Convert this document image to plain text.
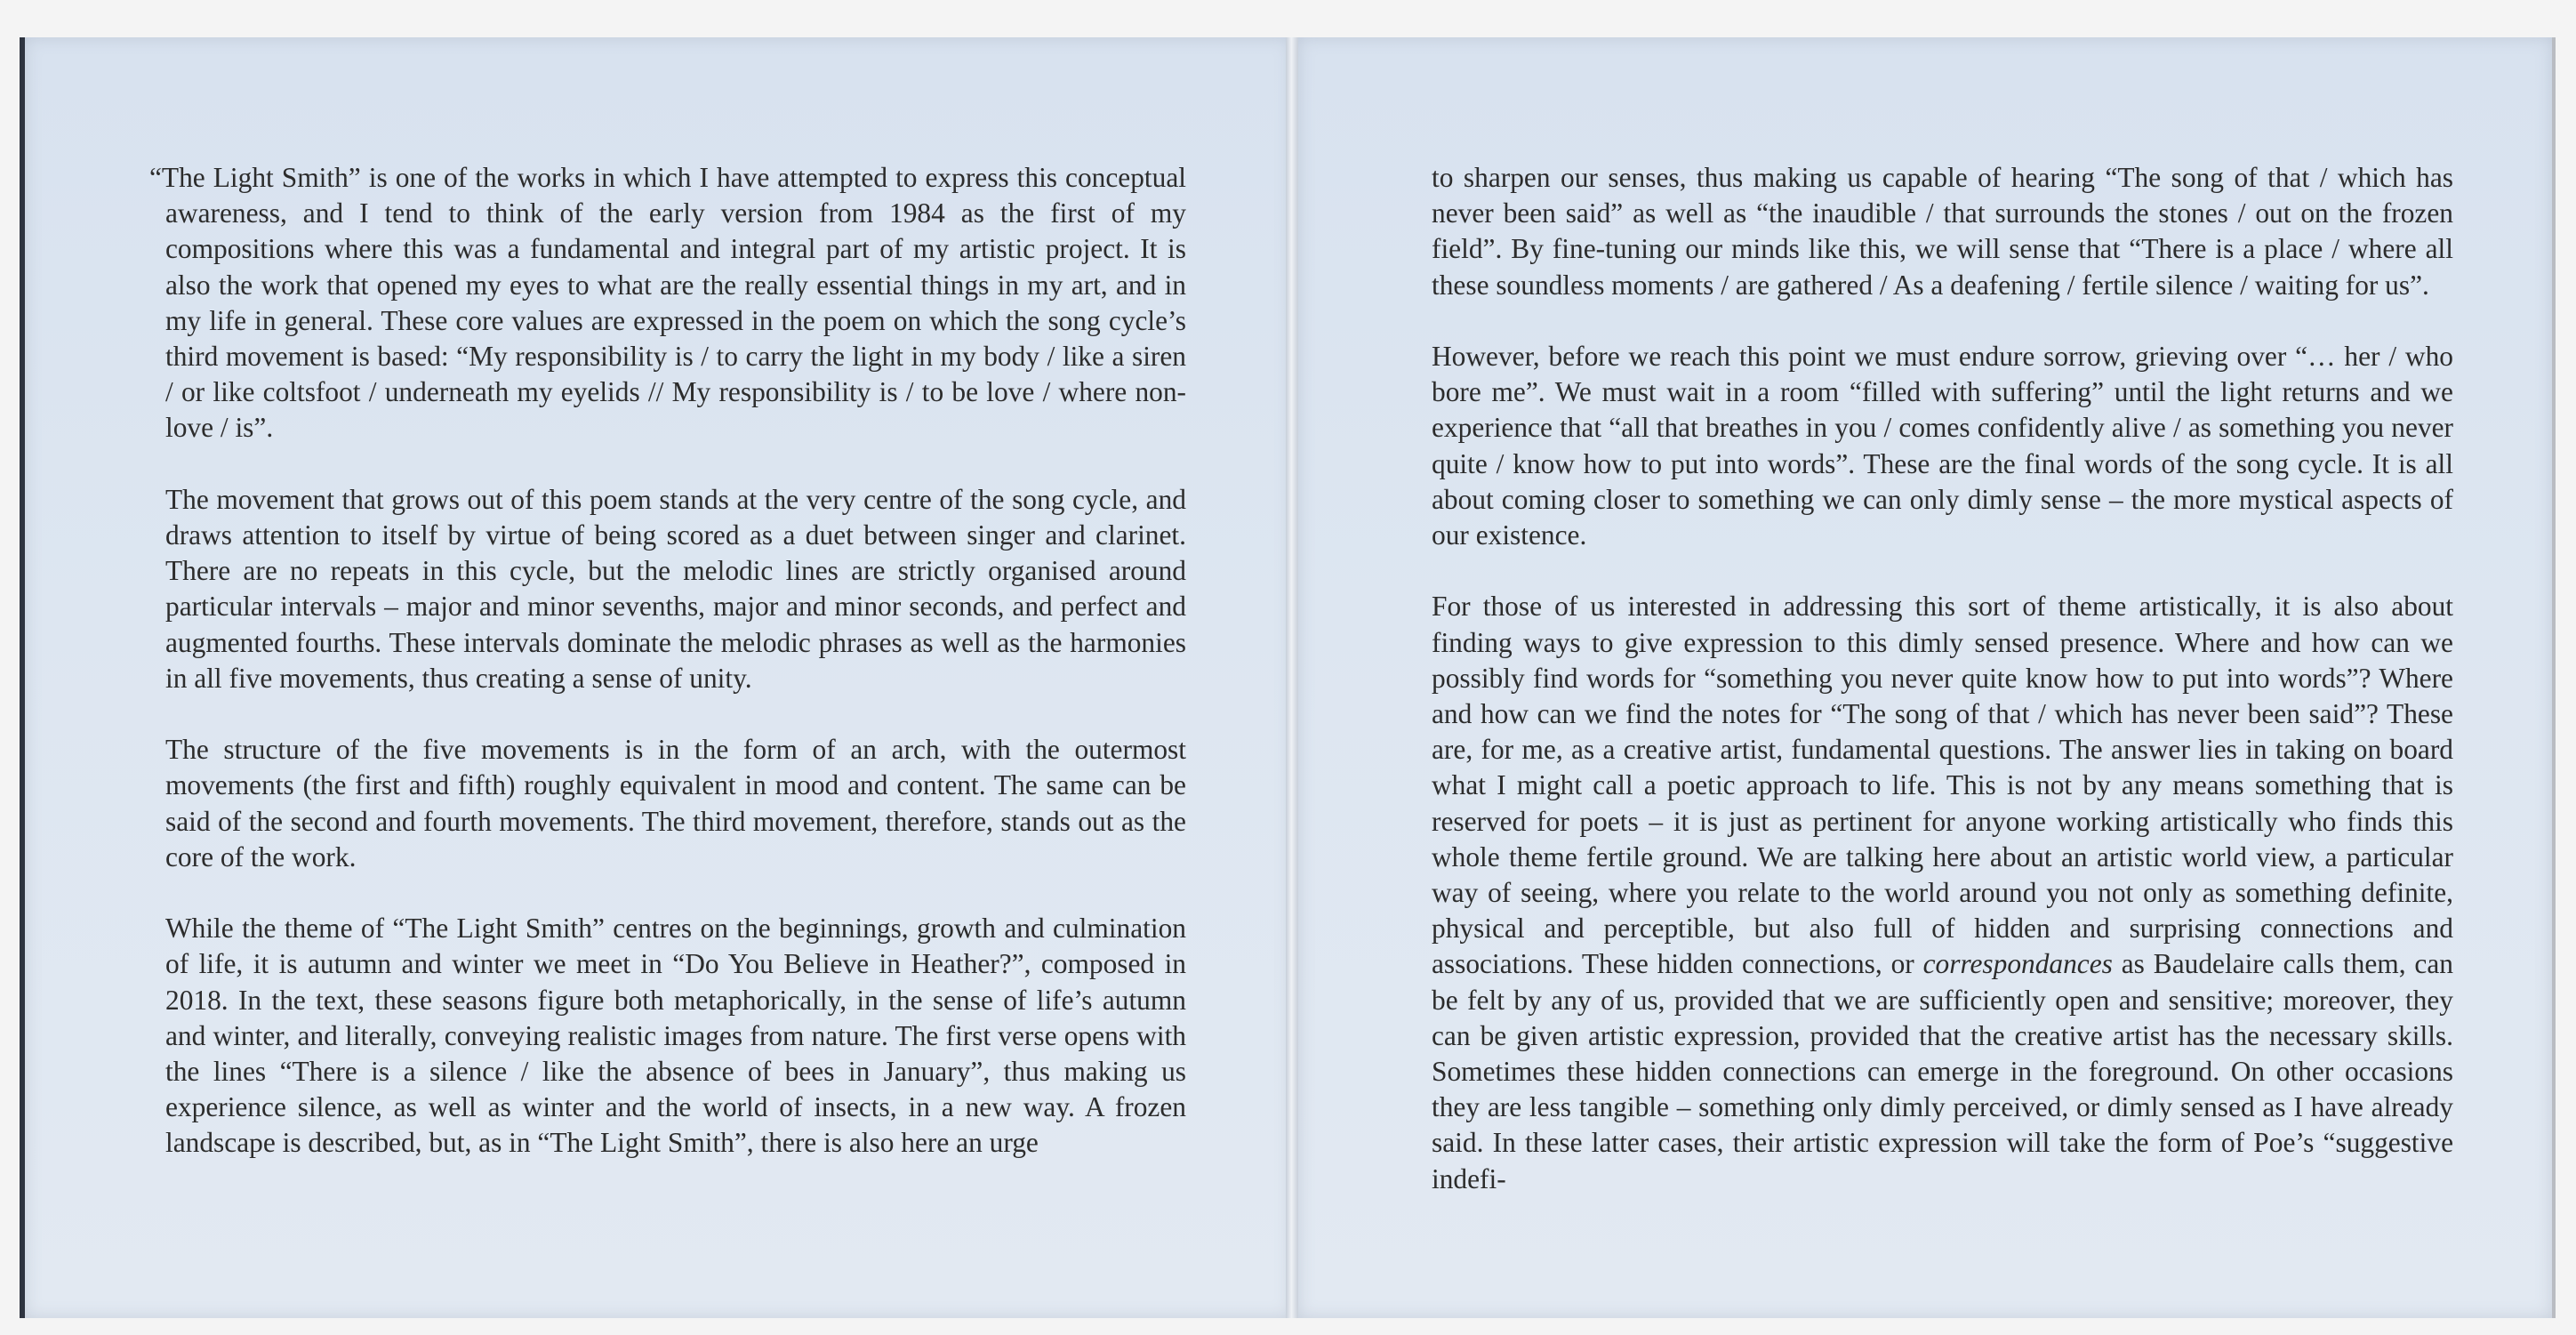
“The Light Smith” is one of the works in which I have attempted to express this conceptual awareness, and I tend to think of the early version from 1984 as the first of my compositions where this was a fundamental and integral part of my artistic project. It is also the work that opened my eyes to what are the really essential things in my art, and in my life in general. These core values are expressed in the poem on which the song cycle’s third movement is based: “My responsibility is / to carry the light in my body / like a siren / or like coltsfoot / underneath my eyelids // My responsibility is / to be love / where non-love / is”.

The movement that grows out of this poem stands at the very centre of the song cycle, and draws attention to itself by virtue of being scored as a duet between singer and clarinet. There are no repeats in this cycle, but the melodic lines are strictly organised around particular intervals – major and minor sevenths, major and minor seconds, and perfect and augmented fourths. These intervals dominate the melodic phrases as well as the harmonies in all five movements, thus creating a sense of unity.

The structure of the five movements is in the form of an arch, with the outermost movements (the first and fifth) roughly equivalent in mood and content. The same can be said of the second and fourth movements. The third movement, therefore, stands out as the core of the work.

While the theme of “The Light Smith” centres on the beginnings, growth and culmination of life, it is autumn and winter we meet in “Do You Believe in Heather?”, composed in 2018. In the text, these seasons figure both metaphorically, in the sense of life’s autumn and winter, and literally, conveying realistic images from nature. The first verse opens with the lines “There is a silence / like the absence of bees in January”, thus making us experience silence, as well as winter and the world of insects, in a new way. A frozen landscape is described, but, as in “The Light Smith”, there is also here an urge

to sharpen our senses, thus making us capable of hearing “The song of that / which has never been said” as well as “the inaudible / that surrounds the stones / out on the frozen field”. By fine-tuning our minds like this, we will sense that “There is a place / where all these soundless moments / are gathered / As a deafening / fertile silence / waiting for us”.

However, before we reach this point we must endure sorrow, grieving over “… her / who bore me”. We must wait in a room “filled with suffering” until the light returns and we experience that “all that breathes in you / comes confidently alive / as something you never quite / know how to put into words”. These are the final words of the song cycle. It is all about coming closer to something we can only dimly sense – the more mystical aspects of our existence.

For those of us interested in addressing this sort of theme artistically, it is also about finding ways to give expression to this dimly sensed presence. Where and how can we possibly find words for “something you never quite know how to put into words”? Where and how can we find the notes for “The song of that / which has never been said”? These are, for me, as a creative artist, fundamental questions. The answer lies in taking on board what I might call a poetic approach to life. This is not by any means something that is reserved for poets – it is just as pertinent for anyone working artistically who finds this whole theme fertile ground. We are talking here about an artistic world view, a particular way of seeing, where you relate to the world around you not only as something definite, physical and perceptible, but also full of hidden and surprising connections and associations. These hidden connections, or correspondances as Baudelaire calls them, can be felt by any of us, provided that we are sufficiently open and sensitive; moreover, they can be given artistic expression, provided that the creative artist has the necessary skills. Sometimes these hidden connections can emerge in the foreground. On other occasions they are less tangible – something only dimly perceived, or dimly sensed as I have already said. In these latter cases, their artistic expression will take the form of Poe’s “suggestive indefi-
